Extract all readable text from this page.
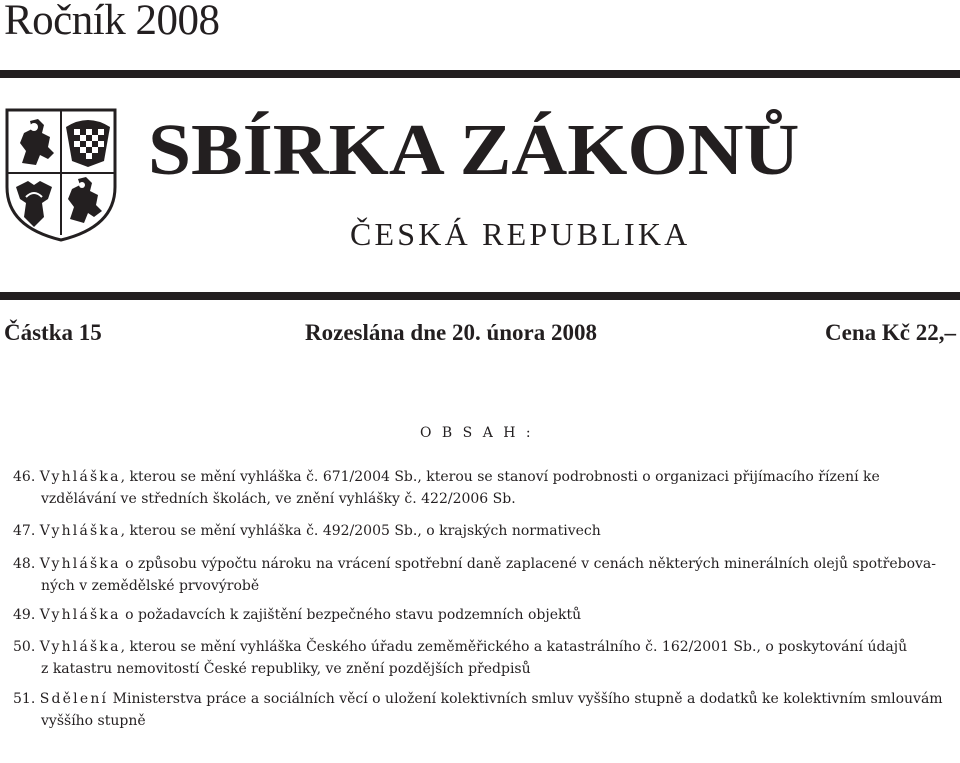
Ročník 2008
SBÍRKA ZÁKONŮ
ČESKÁ REPUBLIKA
Částka 15	Rozeslána dne 20. února 2008	Cena Kč 22,–
O B S A H :

46. Vyhláška, kterou se mění vyhláška č. 671/2004 Sb., kterou se stanoví podrobnosti o organizaci přijímacího řízení ke

vzdělávání ve středních školách, ve znění vyhlášky č. 422/2006 Sb.

47. Vyhláška, kterou se mění vyhláška č. 492/2005 Sb., o krajských normativech

48. Vyhláška o způsobu výpočtu nároku na vrácení spotřební daně zaplacené v cenách některých minerálních olejů spotřebova-

ných v zemědělské prvovýrobě

49. Vyhláška o požadavcích k zajištění bezpečného stavu podzemních objektů

50. Vyhláška, kterou se mění vyhláška Českého úřadu zeměměřického a katastrálního č. 162/2001 Sb., o poskytování údajů

z katastru nemovitostí České republiky, ve znění pozdějších předpisů

51. Sdělení Ministerstva práce a sociálních věcí o uložení kolektivních smluv vyššího stupně a dodatků ke kolektivním smlouvám

vyššího stupně
